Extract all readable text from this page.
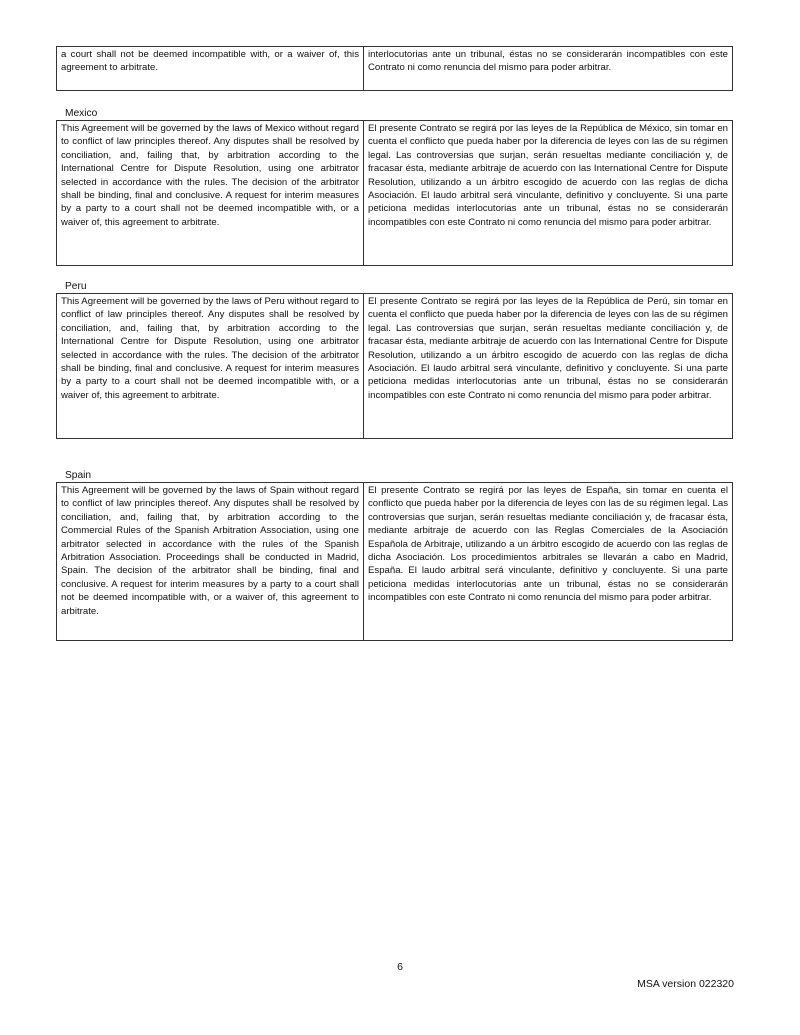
a court shall not be deemed incompatible with, or a waiver of, this agreement to arbitrate.	interlocutorias ante un tribunal, éstas no se considerarán incompatibles con este Contrato ni como renuncia del mismo para poder arbitrar.
Mexico
This Agreement will be governed by the laws of Mexico without regard to conflict of law principles thereof. Any disputes shall be resolved by conciliation, and, failing that, by arbitration according to the International Centre for Dispute Resolution, using one arbitrator selected in accordance with the rules. The decision of the arbitrator shall be binding, final and conclusive. A request for interim measures by a party to a court shall not be deemed incompatible with, or a waiver of, this agreement to arbitrate.	El presente Contrato se regirá por las leyes de la República de México, sin tomar en cuenta el conflicto que pueda haber por la diferencia de leyes con las de su régimen legal. Las controversias que surjan, serán resueltas mediante conciliación y, de fracasar ésta, mediante arbitraje de acuerdo con las International Centre for Dispute Resolution, utilizando a un árbitro escogido de acuerdo con las reglas de dicha Asociación. El laudo arbitral será vinculante, definitivo y concluyente. Si una parte peticiona medidas interlocutorias ante un tribunal, éstas no se considerarán incompatibles con este Contrato ni como renuncia del mismo para poder arbitrar.
Peru
This Agreement will be governed by the laws of Peru without regard to conflict of law principles thereof. Any disputes shall be resolved by conciliation, and, failing that, by arbitration according to the International Centre for Dispute Resolution, using one arbitrator selected in accordance with the rules. The decision of the arbitrator shall be binding, final and conclusive. A request for interim measures by a party to a court shall not be deemed incompatible with, or a waiver of, this agreement to arbitrate.	El presente Contrato se regirá por las leyes de la República de Perú, sin tomar en cuenta el conflicto que pueda haber por la diferencia de leyes con las de su régimen legal. Las controversias que surjan, serán resueltas mediante conciliación y, de fracasar ésta, mediante arbitraje de acuerdo con las International Centre for Dispute Resolution, utilizando a un árbitro escogido de acuerdo con las reglas de dicha Asociación. El laudo arbitral será vinculante, definitivo y concluyente. Si una parte peticiona medidas interlocutorias ante un tribunal, éstas no se considerarán incompatibles con este Contrato ni como renuncia del mismo para poder arbitrar.
Spain
This Agreement will be governed by the laws of Spain without regard to conflict of law principles thereof. Any disputes shall be resolved by conciliation, and, failing that, by arbitration according to the Commercial Rules of the Spanish Arbitration Association, using one arbitrator selected in accordance with the rules of the Spanish Arbitration Association. Proceedings shall be conducted in Madrid, Spain. The decision of the arbitrator shall be binding, final and conclusive. A request for interim measures by a party to a court shall not be deemed incompatible with, or a waiver of, this agreement to arbitrate.	El presente Contrato se regirá por las leyes de España, sin tomar en cuenta el conflicto que pueda haber por la diferencia de leyes con las de su régimen legal. Las controversias que surjan, serán resueltas mediante conciliación y, de fracasar ésta, mediante arbitraje de acuerdo con las Reglas Comerciales de la Asociación Española de Arbitraje, utilizando a un árbitro escogido de acuerdo con las reglas de dicha Asociación. Los procedimientos arbitrales se llevarán a cabo en Madrid, España. El laudo arbitral será vinculante, definitivo y concluyente. Si una parte peticiona medidas interlocutorias ante un tribunal, éstas no se considerarán incompatibles con este Contrato ni como renuncia del mismo para poder arbitrar.
6
MSA version 022320
